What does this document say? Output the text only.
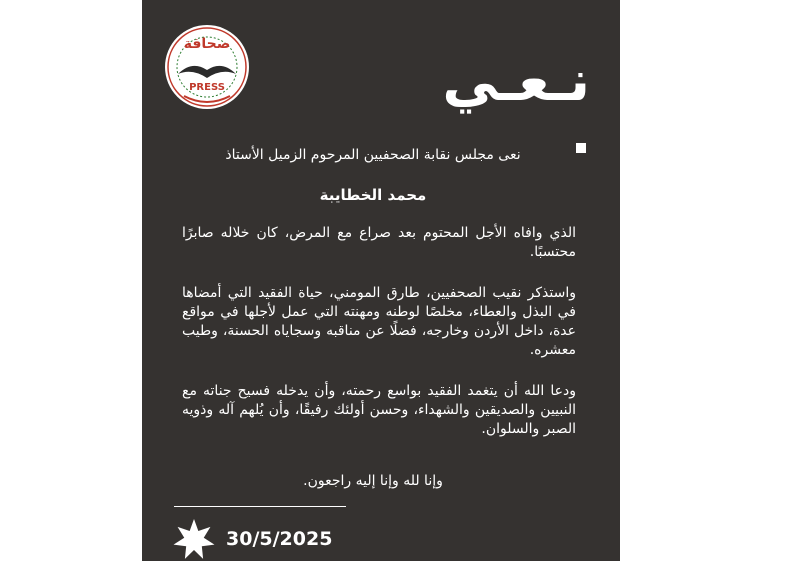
صحافة
PRESS	نـعـي
نعى مجلس نقابة الصحفيين المرحوم الزميل الأستاذ
محمد الخطايبة
الذي وافاه الأجل المحتوم بعد صراع مع المرض، كان خلاله صابرًا محتسبًا.
واستذكر نقيب الصحفيين، طارق المومني، حياة الفقيد التي أمضاها في البذل والعطاء، مخلصًا لوطنه ومهنته التي عمل لأجلها في مواقع عدة، داخل الأردن وخارجه، فضلًا عن مناقبه وسجاياه الحسنة، وطيب معشره.
ودعا الله أن يتغمد الفقيد بواسع رحمته، وأن يدخله فسيح جناته مع النبيين والصديقين والشهداء، وحسن أولئك رفيقًا، وأن يُلهم آله وذويه الصبر والسلوان.
وإنا لله وإنا إليه راجعون.
30/5/2025
